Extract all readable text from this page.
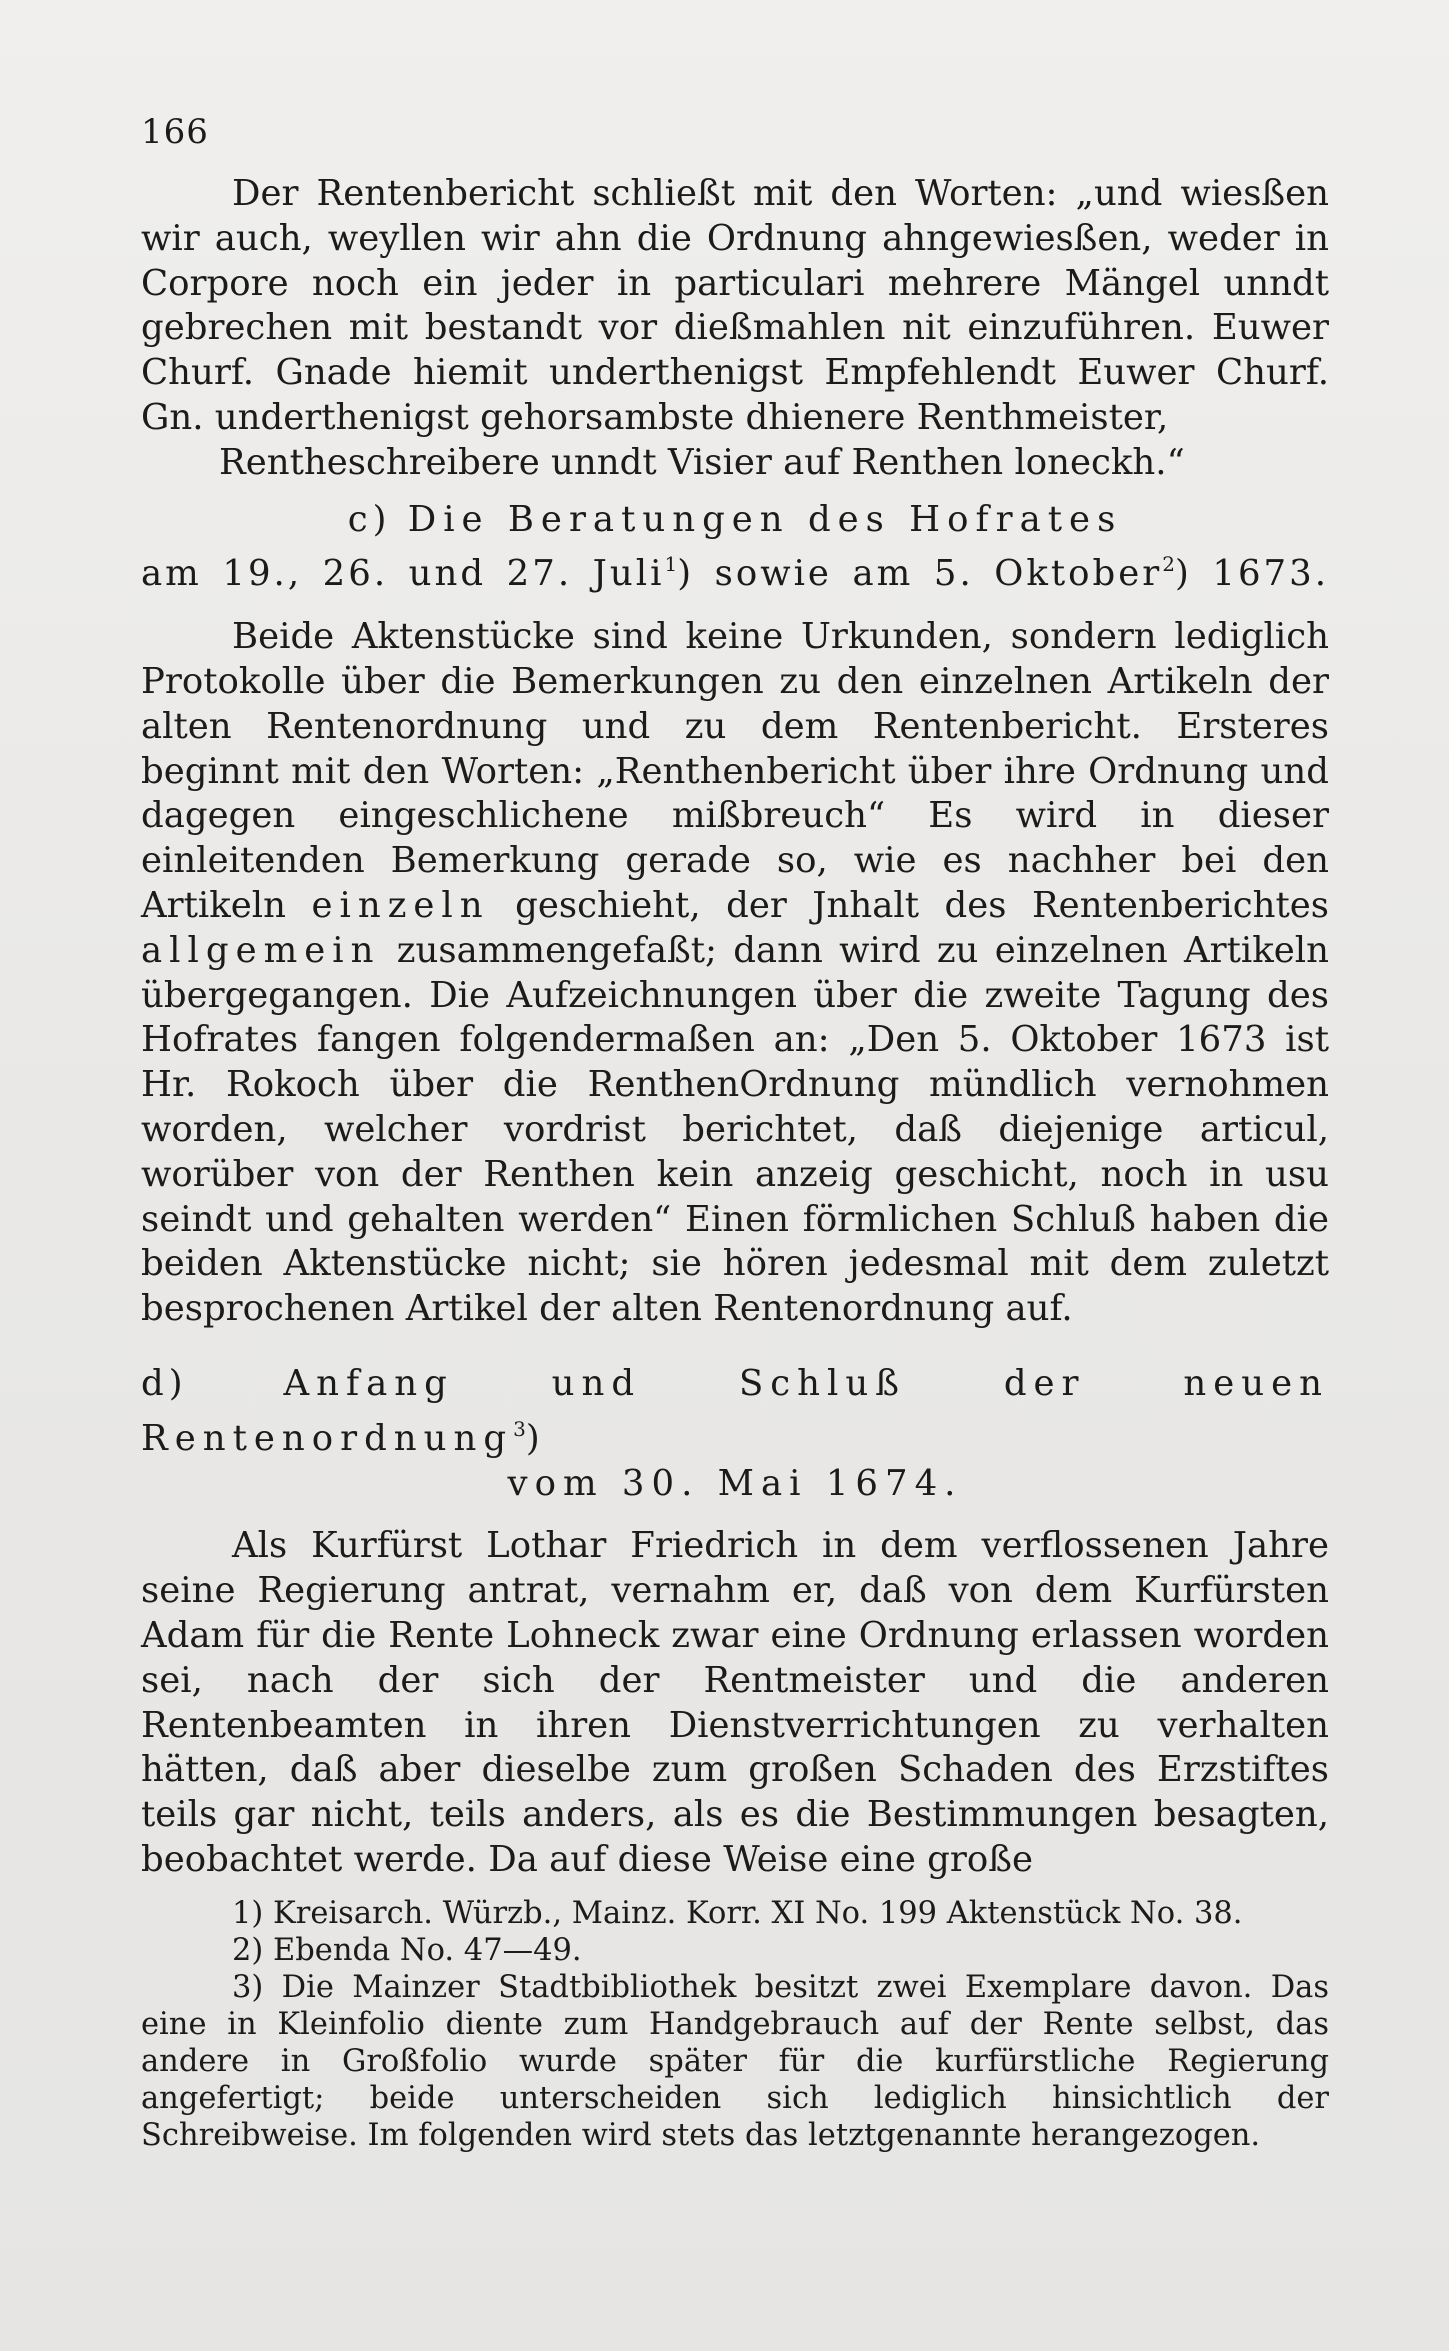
166

Der Rentenbericht schließt mit den Worten: „und wiesßen wir auch, weyllen wir ahn die Ordnung ahngewiesßen, weder in Corpore noch ein jeder in particulari mehrere Mängel unndt gebrechen mit bestandt vor dießmahlen nit einzuführen. Euwer Churf. Gnade hiemit underthenigst Empfehlendt Euwer Churf. Gn. underthenigst gehorsambste dhienere Renthmeister,
Rentheschreibere unndt Visier auf Renthen loneckh.“

c) Die Beratungen des Hofrates
am 19., 26. und 27. Juli$^1$) sowie am 5. Oktober$^2$) 1673.

Beide Aktenstücke sind keine Urkunden, sondern lediglich Protokolle über die Bemerkungen zu den einzelnen Artikeln der alten Rentenordnung und zu dem Rentenbericht. Ersteres beginnt mit den Worten: „Renthenbericht über ihre Ordnung und dagegen eingeschlichene mißbreuch“ Es wird in dieser einleitenden Bemerkung gerade so, wie es nachher bei den Artikeln einzeln geschieht, der Jnhalt des Rentenberichtes allgemein zusammengefaßt; dann wird zu einzelnen Artikeln übergegangen. Die Aufzeichnungen über die zweite Tagung des Hofrates fangen folgendermaßen an: „Den 5. Oktober 1673 ist Hr. Rokoch über die RenthenOrdnung mündlich vernohmen worden, welcher vordrist berichtet, daß diejenige articul, worüber von der Renthen kein anzeig geschicht, noch in usu seindt und gehalten werden“ Einen förmlichen Schluß haben die beiden Aktenstücke nicht; sie hören jedesmal mit dem zuletzt besprochenen Artikel der alten Rentenordnung auf.

d)	Anfang und Schluß der neuen Rentenordnung$^3$)
vom 30. Mai 1674.

Als Kurfürst Lothar Friedrich in dem verflossenen Jahre seine Regierung antrat, vernahm er, daß von dem Kurfürsten Adam für die Rente Lohneck zwar eine Ordnung erlassen worden sei, nach der sich der Rentmeister und die anderen Rentenbeamten in ihren Dienstverrichtungen zu verhalten hätten, daß aber dieselbe zum großen Schaden des Erzstiftes teils gar nicht, teils anders, als es die Bestimmungen besagten, beobachtet werde. Da auf diese Weise eine große

1) Kreisarch. Würzb., Mainz. Korr. XI No. 199 Aktenstück No. 38.

2) Ebenda No. 47—49.

3) Die Mainzer Stadtbibliothek besitzt zwei Exemplare davon. Das eine in Kleinfolio diente zum Handgebrauch auf der Rente selbst, das andere in Großfolio wurde später für die kurfürstliche Regierung angefertigt; beide unterscheiden sich lediglich hinsichtlich der Schreibweise. Im folgenden wird stets das letztgenannte herangezogen.
